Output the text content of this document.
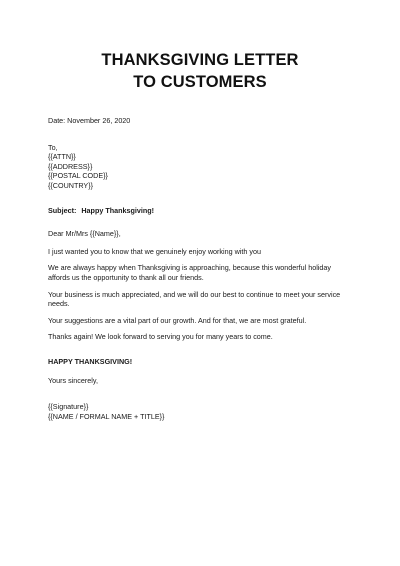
THANKSGIVING LETTER
TO CUSTOMERS

Date: November 26, 2020

To,
{{ATTN}}
{{ADDRESS}}
{{POSTAL CODE}}
{{COUNTRY}}

Subject: Happy Thanksgiving!

Dear Mr/Mrs {{Name}},

I just wanted you to know that we genuinely enjoy working with you

We are always happy when Thanksgiving is approaching, because this wonderful holiday affords us the opportunity to thank all our friends.

Your business is much appreciated, and we will do our best to continue to meet your service needs.

Your suggestions are a vital part of our growth. And for that, we are most grateful.

Thanks again! We look forward to serving you for many years to come.

HAPPY THANKSGIVING!

Yours sincerely,

{{Signature}}
{{NAME / FORMAL NAME + TITLE}}
